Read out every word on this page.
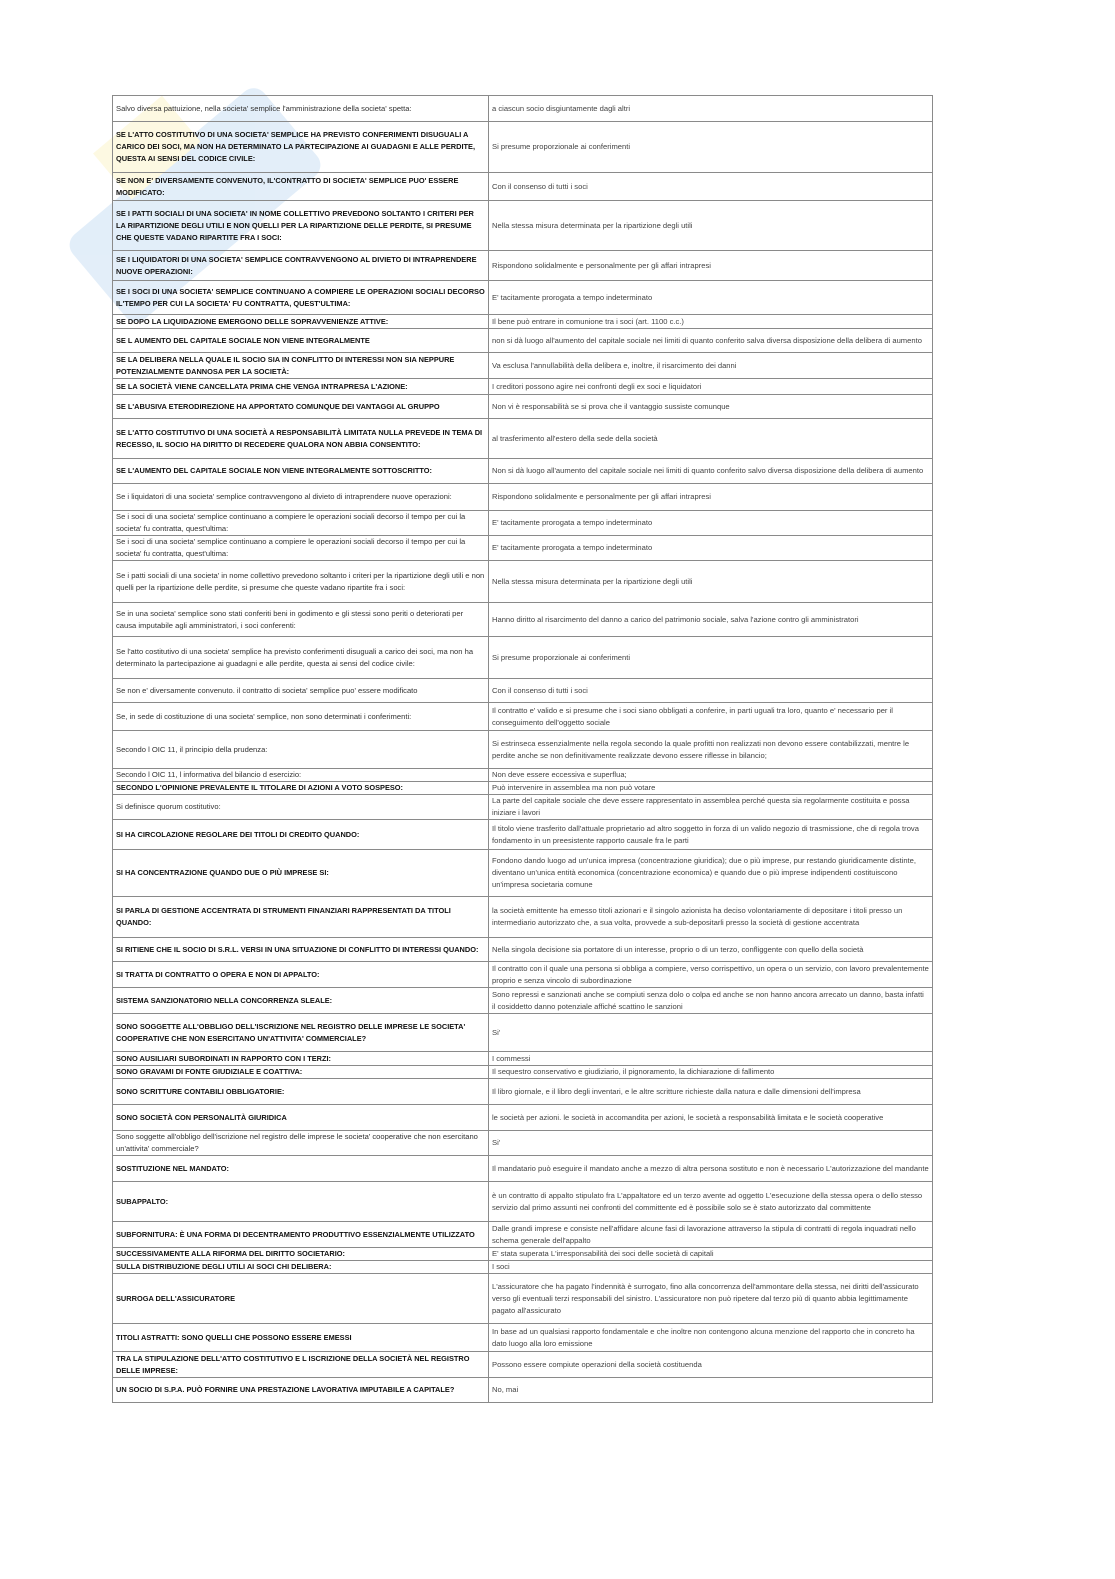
Salvo diversa pattuizione, nella societa' semplice l'amministrazione della societa' spetta:	a ciascun socio disgiuntamente dagli altri
SE L'ATTO COSTITUTIVO DI UNA SOCIETA' SEMPLICE HA PREVISTO CONFERIMENTI DISUGUALI A CARICO DEI SOCI, MA NON HA DETERMINATO LA PARTECIPAZIONE AI GUADAGNI E ALLE PERDITE, QUESTA AI SENSI DEL CODICE CIVILE:	Si presume proporzionale ai conferimenti
SE NON E' DIVERSAMENTE CONVENUTO, IL'CONTRATTO DI SOCIETA' SEMPLICE PUO' ESSERE MODIFICATO:	Con il consenso di tutti i soci
SE I PATTI SOCIALI DI UNA SOCIETA' IN NOME COLLETTIVO PREVEDONO SOLTANTO I CRITERI PER LA RIPARTIZIONE DEGLI UTILI E NON QUELLI PER LA RIPARTIZIONE DELLE PERDITE, SI PRESUME CHE QUESTE VADANO RIPARTITE FRA I SOCI:	Nella stessa misura determinata per la ripartizione degli utili
SE I LIQUIDATORI DI UNA SOCIETA' SEMPLICE CONTRAVVENGONO AL DIVIETO DI INTRAPRENDERE NUOVE OPERAZIONI:	Rispondono solidalmente e personalmente per gli affari intrapresi
SE I SOCI DI UNA SOCIETA' SEMPLICE CONTINUANO A COMPIERE LE OPERAZIONI SOCIALI DECORSO IL'TEMPO PER CUI LA SOCIETA' FU CONTRATTA, QUEST'ULTIMA:	E' tacitamente prorogata a tempo indeterminato
SE DOPO LA LIQUIDAZIONE EMERGONO DELLE SOPRAVVENIENZE ATTIVE:	Il bene può entrare in comunione tra i soci (art. 1100 c.c.)
SE L AUMENTO DEL CAPITALE SOCIALE NON VIENE INTEGRALMENTE	non si dà luogo all'aumento del capitale sociale nei limiti di quanto conferito salva diversa disposizione della delibera di aumento
SE LA DELIBERA NELLA QUALE IL SOCIO SIA IN CONFLITTO DI INTERESSI NON SIA NEPPURE POTENZIALMENTE DANNOSA PER LA SOCIETÀ:	Va esclusa l'annullabilità della delibera e, inoltre, il risarcimento dei danni
SE LA SOCIETÀ VIENE CANCELLATA PRIMA CHE VENGA INTRAPRESA L'AZIONE:	I creditori possono agire nei confronti degli ex soci e liquidatori
SE L'ABUSIVA ETERODIREZIONE HA APPORTATO COMUNQUE DEI VANTAGGI AL GRUPPO	Non vi è responsabilità se si prova che il vantaggio sussiste comunque
SE L'ATTO COSTITUTIVO DI UNA SOCIETÀ A RESPONSABILITÀ LIMITATA NULLA PREVEDE IN TEMA DI RECESSO, IL SOCIO HA DIRITTO DI RECEDERE QUALORA NON ABBIA CONSENTITO:	al trasferimento all'estero della sede della società
SE L'AUMENTO DEL CAPITALE SOCIALE NON VIENE INTEGRALMENTE SOTTOSCRITTO:	Non si dà luogo all'aumento del capitale sociale nei limiti di quanto conferito salvo diversa disposizione della delibera di aumento
Se i liquidatori di una societa' semplice contravvengono al divieto di intraprendere nuove operazioni:	Rispondono solidalmente e personalmente per gli affari intrapresi
Se i soci di una societa' semplice continuano a compiere le operazioni sociali decorso il tempo per cui la societa' fu contratta, quest'ultima:	E' tacitamente prorogata a tempo indeterminato
Se i soci di una societa' semplice continuano a compiere le operazioni sociali decorso il tempo per cui la societa' fu contratta, quest'ultima:	E' tacitamente prorogata a tempo indeterminato
Se i patti sociali di una societa' in nome collettivo prevedono soltanto i criteri per la ripartizione degli utili e non quelli per la ripartizione delle perdite, si presume che queste vadano ripartite fra i soci:	Nella stessa misura determinata per la ripartizione degli utili
Se in una societa' semplice sono stati conferiti beni in godimento e gli stessi sono periti o deteriorati per causa imputabile agli amministratori, i soci conferenti:	Hanno diritto al risarcimento del danno a carico del patrimonio sociale, salva l'azione contro gli amministratori
Se l'atto costitutivo di una societa' semplice ha previsto conferimenti disuguali a carico dei soci, ma non ha determinato la partecipazione ai guadagni e alle perdite, questa ai sensi del codice civile:	Si presume proporzionale ai conferimenti
Se non e' diversamente convenuto. il contratto di societa' semplice puo' essere modificato	Con il consenso di tutti i soci
Se, in sede di costituzione di una societa' semplice, non sono determinati i conferimenti:	Il contratto e' valido e si presume che i soci siano obbligati a conferire, in parti uguali tra loro, quanto e' necessario per il conseguimento dell'oggetto sociale
Secondo l OIC 11, il principio della prudenza:	Si estrinseca essenzialmente nella regola secondo la quale profitti non realizzati non devono essere contabilizzati, mentre le perdite anche se non definitivamente realizzate devono essere riflesse in bilancio;
Secondo l OIC 11, l informativa del bilancio d esercizio:	Non deve essere eccessiva e superflua;
SECONDO L'OPINIONE PREVALENTE IL TITOLARE DI AZIONI A VOTO SOSPESO:	Può intervenire in assemblea ma non può votare
Si definisce quorum costitutivo:	La parte del capitale sociale che deve essere rappresentato in assemblea perché questa sia regolarmente costituita e possa iniziare i lavori
SI HA CIRCOLAZIONE REGOLARE DEI TITOLI DI CREDITO QUANDO:	Il titolo viene trasferito dall'attuale proprietario ad altro soggetto in forza di un valido negozio di trasmissione, che di regola trova fondamento in un preesistente rapporto causale fra le parti
SI HA CONCENTRAZIONE QUANDO DUE O PIÙ IMPRESE SI:	Fondono dando luogo ad un'unica impresa (concentrazione giuridica); due o più imprese, pur restando giuridicamente distinte, diventano un'unica entità economica (concentrazione economica) e quando due o più imprese indipendenti costituiscono un'impresa societaria comune
SI PARLA DI GESTIONE ACCENTRATA DI STRUMENTI FINANZIARI RAPPRESENTATI DA TITOLI QUANDO:	la società emittente ha emesso titoli azionari e il singolo azionista ha deciso volontariamente di depositare i titoli presso un intermediario autorizzato che, a sua volta, provvede a sub-depositarli presso la società di gestione accentrata
SI RITIENE CHE IL SOCIO DI S.R.L. VERSI IN UNA SITUAZIONE DI CONFLITTO DI INTERESSI QUANDO:	Nella singola decisione sia portatore di un interesse, proprio o di un terzo, confliggente con quello della società
SI TRATTA DI CONTRATTO O OPERA E NON DI APPALTO:	Il contratto con il quale una persona si obbliga a compiere, verso corrispettivo, un opera o un servizio, con lavoro prevalentemente proprio e senza vincolo di subordinazione
SISTEMA SANZIONATORIO NELLA CONCORRENZA SLEALE:	Sono repressi e sanzionati anche se compiuti senza dolo o colpa ed anche se non hanno ancora arrecato un danno, basta infatti il cosiddetto danno potenziale affiché scattino le sanzioni
SONO SOGGETTE ALL'OBBLIGO DELL'ISCRIZIONE NEL REGISTRO DELLE IMPRESE LE SOCIETA' COOPERATIVE CHE NON ESERCITANO UN'ATTIVITA' COMMERCIALE?	Si'
SONO AUSILIARI SUBORDINATI IN RAPPORTO CON I TERZI:	I commessi
SONO GRAVAMI DI FONTE GIUDIZIALE E COATTIVA:	Il sequestro conservativo e giudiziario, il pignoramento, la dichiarazione di fallimento
SONO SCRITTURE CONTABILI OBBLIGATORIE:	Il libro giornale, e il libro degli inventari, e le altre scritture richieste dalla natura e dalle dimensioni dell'impresa
SONO SOCIETÀ CON PERSONALITÀ GIURIDICA	le società per azioni. le società in accomandita per azioni, le società a responsabilità limitata e le società cooperative
Sono soggette all'obbligo dell'iscrizione nel registro delle imprese le societa' cooperative che non esercitano un'attivita' commerciale?	Si'
SOSTITUZIONE NEL MANDATO:	Il mandatario può eseguire il mandato anche a mezzo di altra persona sostituto e non è necessario L'autorizzazione del mandante
SUBAPPALTO:	è un contratto di appalto stipulato fra L'appaltatore ed un terzo avente ad oggetto L'esecuzione della stessa opera o dello stesso servizio dal primo assunti nei confronti del committente ed è possibile solo se è stato autorizzato dal committente
SUBFORNITURA: È UNA FORMA DI DECENTRAMENTO PRODUTTIVO ESSENZIALMENTE UTILIZZATO	Dalle grandi imprese e consiste nell'affidare alcune fasi di lavorazione attraverso la stipula di contratti di regola inquadrati nello schema generale dell'appalto
SUCCESSIVAMENTE ALLA RIFORMA DEL DIRITTO SOCIETARIO:	E' stata superata L'irresponsabilità dei soci delle società di capitali
SULLA DISTRIBUZIONE DEGLI UTILI AI SOCI CHI DELIBERA:	I soci
SURROGA DELL'ASSICURATORE	L'assicuratore che ha pagato l'indennità è surrogato, fino alla concorrenza dell'ammontare della stessa, nei diritti dell'assicurato verso gli eventuali terzi responsabili del sinistro. L'assicuratore non può ripetere dal terzo più di quanto abbia legittimamente pagato all'assicurato
TITOLI ASTRATTI: SONO QUELLI CHE POSSONO ESSERE EMESSI	In base ad un qualsiasi rapporto fondamentale e che inoltre non contengono alcuna menzione del rapporto che in concreto ha dato luogo alla loro emissione
TRA LA STIPULAZIONE DELL'ATTO COSTITUTIVO E L ISCRIZIONE DELLA SOCIETÀ NEL REGISTRO DELLE IMPRESE:	Possono essere compiute operazioni della società costituenda
UN SOCIO DI S.P.A. PUÒ FORNIRE UNA PRESTAZIONE LAVORATIVA IMPUTABILE A CAPITALE?	No, mai
